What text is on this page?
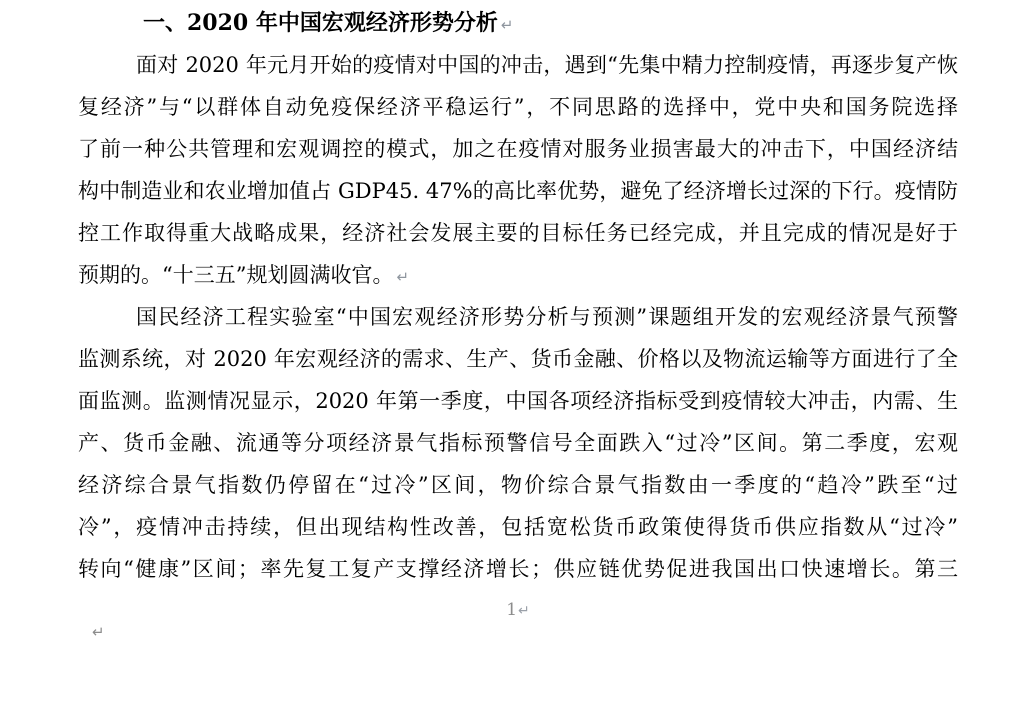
一、2020 年中国宏观经济形势分析 ↵
面对 2020 年元月开始的疫情对中国的冲击，遇到“先集中精力控制疫情，再逐步复产恢
复经济”与“以群体自动免疫保经济平稳运行”，不同思路的选择中，党中央和国务院选择
了前一种公共管理和宏观调控的模式，加之在疫情对服务业损害最大的冲击下，中国经济结
构中制造业和农业增加值占 GDP45. 47%的高比率优势，避免了经济增长过深的下行。疫情防
控工作取得重大战略成果，经济社会发展主要的目标任务已经完成，并且完成的情况是好于
预期的。“十三五”规划圆满收官。 ↵
国民经济工程实验室“中国宏观经济形势分析与预测”课题组开发的宏观经济景气预警
监测系统，对 2020 年宏观经济的需求、生产、货币金融、价格以及物流运输等方面进行了全
面监测。监测情况显示，2020 年第一季度，中国各项经济指标受到疫情较大冲击，内需、生
产、货币金融、流通等分项经济景气指标预警信号全面跌入“过冷”区间。第二季度，宏观
经济综合景气指数仍停留在“过冷”区间，物价综合景气指数由一季度的“趋冷”跌至“过
冷”，疫情冲击持续，但出现结构性改善，包括宽松货币政策使得货币供应指数从“过冷”
转向“健康”区间；率先复工复产支撑经济增长；供应链优势促进我国出口快速增长。第三
1↵
↵
